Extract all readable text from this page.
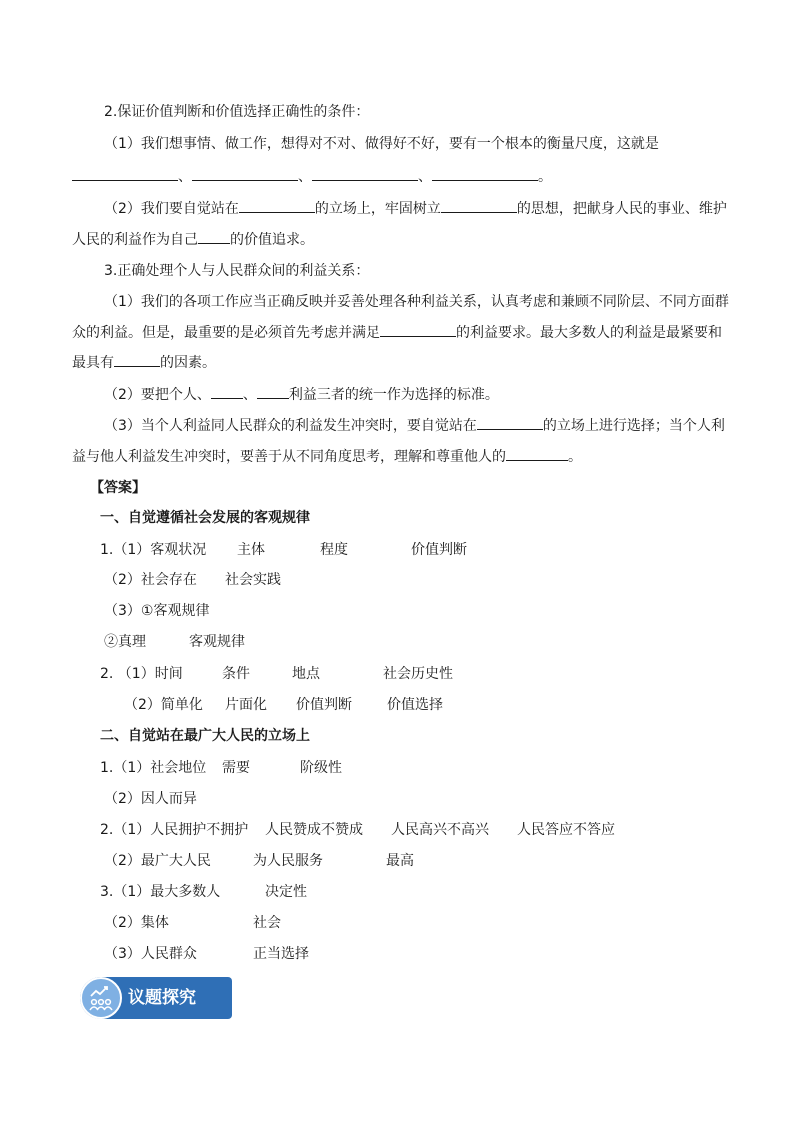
2.保证价值判断和价值选择正确性的条件：
（1）我们想事情、做工作，想得对不对、做得好不好，要有一个根本的衡量尺度，这就是
、	、	、	。
（2）我们要自觉站在	的立场上，牢固树立	的思想，把献身人民的事业、维护
人民的利益作为自己 的价值追求。
3.正确处理个人与人民群众间的利益关系：
（1）我们的各项工作应当正确反映并妥善处理各种利益关系，认真考虑和兼顾不同阶层、不同方面群
众的利益。但是，最重要的是必须首先考虑并满足	的利益要求。最大多数人的利益是最紧要和
最具有	的因素。
（2）要把个人、 、 利益三者的统一作为选择的标准。
（3）当个人利益同人民群众的利益发生冲突时，要自觉站在	的立场上进行选择；当个人利
益与他人利益发生冲突时，要善于从不同角度思考，理解和尊重他人的	。
【答案】
一、自觉遵循社会发展的客观规律
1.（1）客观状况 主体	程度	价值判断
（2）社会存在 社会实践
（3）①客观规律
②真理	客观规律
2. （1）时间	条件	地点	社会历史性
（2）简单化 片面化 价值判断	价值选择
二、自觉站在最广大人民的立场上
1.（1）社会地位 需要	阶级性
（2）因人而异
2.（1）人民拥护不拥护 人民赞成不赞成 人民高兴不高兴 人民答应不答应
（2）最广大人民	为人民服务	最高
3.（1）最大多数人	决定性
（2）集体	社会
（3）人民群众	正当选择
议题探究
